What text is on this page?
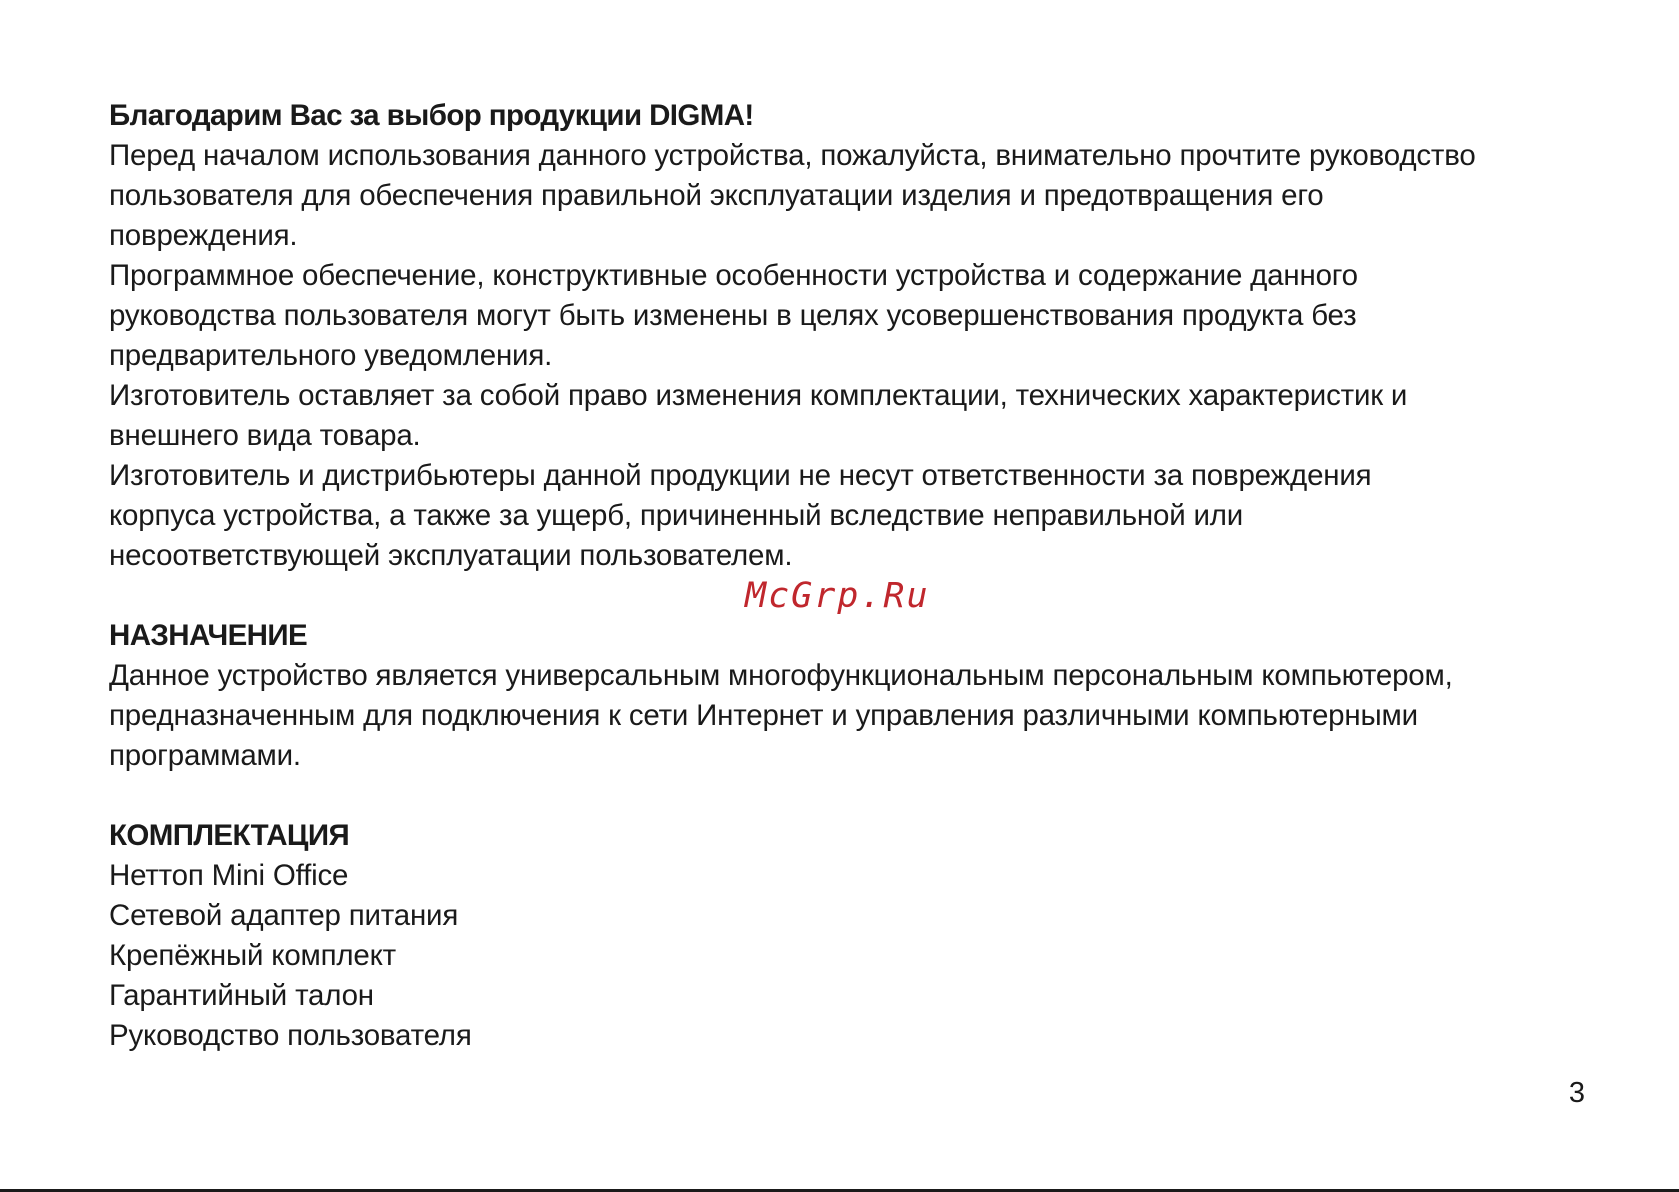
Благодарим Вас за выбор продукции DIGMA!
Перед началом использования данного устройства, пожалуйста, внимательно прочтите руководство
пользователя для обеспечения правильной эксплуатации изделия и предотвращения его
повреждения.
Программное обеспечение, конструктивные особенности устройства и содержание данного
руководства пользователя могут быть изменены в целях усовершенствования продукта без
предварительного уведомления.
Изготовитель оставляет за собой право изменения комплектации, технических характеристик и
внешнего вида товара.
Изготовитель и дистрибьютеры данной продукции не несут ответственности за повреждения
корпуса устройства, а также за ущерб, причиненный вследствие неправильной или
несоответствующей эксплуатации пользователем.
НАЗНАЧЕНИЕ
Данное устройство является универсальным многофункциональным персональным компьютером,
предназначенным для подключения к сети Интернет и управления различными компьютерными
программами.
КОМПЛЕКТАЦИЯ
Неттоп Mini Office
Сетевой адаптер питания
Крепёжный комплект
Гарантийный талон
Руководство пользователя
McGrp.Ru
3
